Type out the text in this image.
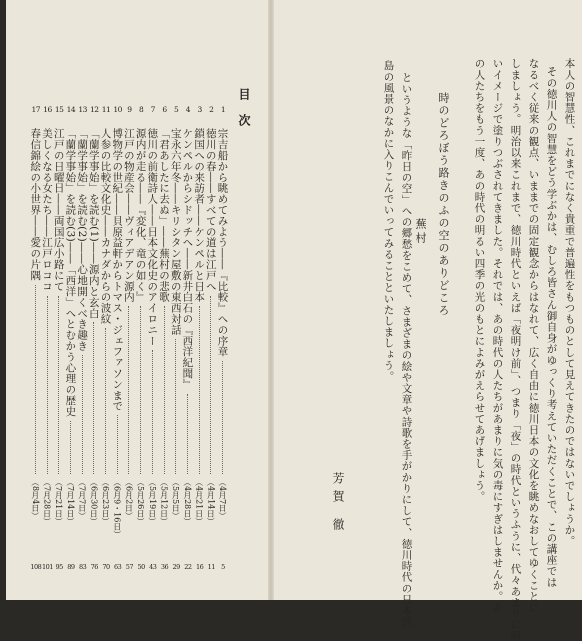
本人の智慧性、これまでになく貴重で普遍性をもつものとして見えてきたのではないでしょうか。
その徳川人の智慧をどう学ぶかは、むしろ皆さん御自身がゆっくり考えていただくことで、この講座では
なるべく従来の観点、いままでの固定観念からはなれて、広く自由に徳川日本の文化を眺めなおしてゆくことに
しましょう。明治以来これまで、徳川時代といえば「夜明け前」、つまり「夜」の時代というふうに、代々あまりに暗
いイメージで塗りつぶされてきました。それでは、あの時代の人たちがあまりに気の毒にすぎはしませんか。あ
の人たちをもう一度、あの時代の明るい四季の光のもとによみがえらせてあげましょう。
時のどろぼう路きのふの空のありどころ
蕪村
というような「昨日の空」への郷愁をこめて、さまざまの絵や文章や詩歌を手がかりにして、徳川時代の日本列
島の風景のなかに入りこんでいってみることといたしましょう。
芳賀 徹
目次
1
宗吉船から眺めてみよう――『比較』への序章
（4月7日）
5
2
徳川の春――すべての道は江戸へ
（4月14日）
11
3
鎖国への来訪者――ケンペルと日本
（4月21日）
16
4
ケンペルからシドッチへ――新井白石の『西洋紀聞』
（4月28日）
22
5
宝永六年冬――キリシタン屋敷の東西対話
（5月5日）
29
6
「君あしたに去ぬ」――蕪村の悲歌
（5月12日）
36
7
徳川の前衛詩人――日本文化史のアイロニー
（5月19日）
43
8
源内が走る――『変化、竜の如く』
（5月26日）
50
9
江戸の物産会――ヴィアデアン源内
（6月2日）
57
10
博物学の世紀――貝原益軒からトマス・ジェファソンまで
（6月9・16日）
63
11
人参の比較文化史――カナダからの波紋
（6月23日）
70
12
「蘭学事始」を読む(1)――源内と玄白
（6月30日）
76
13
「蘭学事始」を読む(2)――心地開くべき趣き
（7月7日）
83
14
「蘭学事始」を読む(3)――「西洋」へとむかう心理の歴史
（7月14日）
89
15
江戸の日曜日――両国広小路にて
（7月21日）
95
16
美しくなる女たち――江戸ロココ
（7月28日）
101
17
春信錦絵の小世界――愛の片隅
（8月4日）
108
